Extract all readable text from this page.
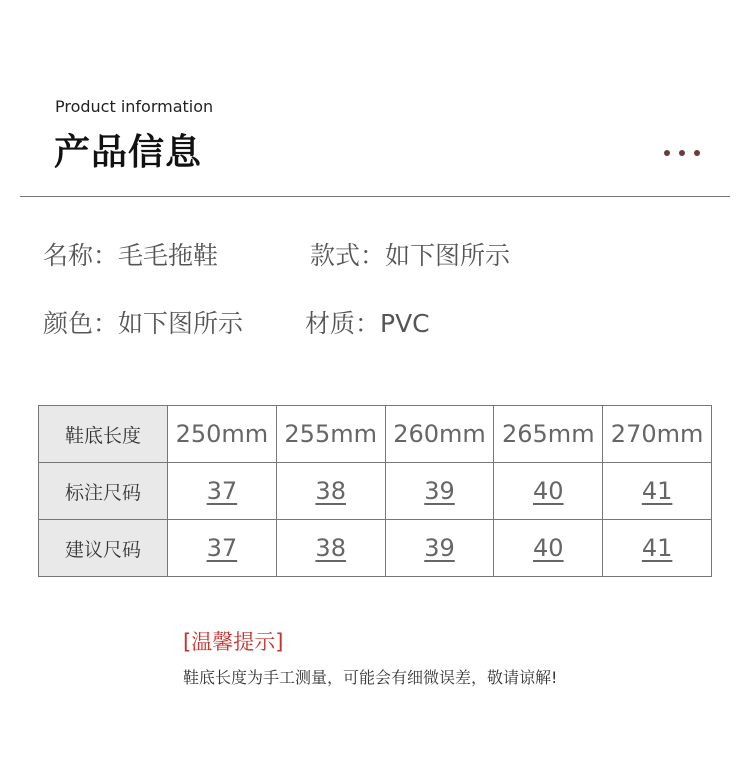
Product information
产品信息
名称：毛毛拖鞋	款式：如下图所示
颜色：如下图所示 材质：PVC
鞋底长度	250mm	255mm	260mm	265mm	270mm
标注尺码	37	38	39	40	41
建议尺码	37	38	39	40	41
[温馨提示]
鞋底长度为手工测量，可能会有细微误差，敬请谅解!
